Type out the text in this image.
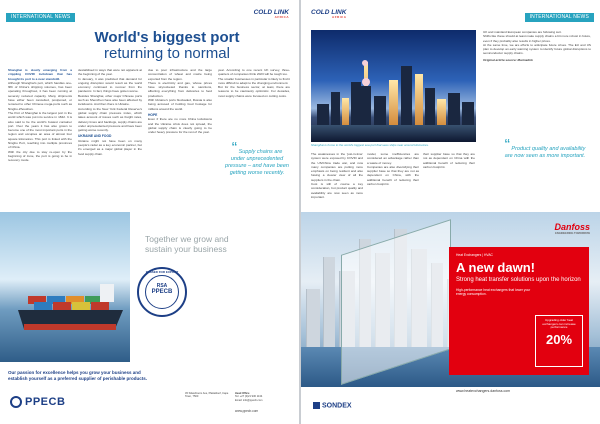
INTERNATIONAL NEWS
COLD LINK
AFRICA
World's biggest port
returning to normal

Shanghai is slowly emerging from a crippling COVID lockdown that has brought its port to a near standstill.

Although Shanghai's port, which handles one-fifth of China's shipping volumes, has been operating throughout, it has been running at severely reduced capacity. Many shipments have either been cancelled, postponed, or rerouted to other Chinese mega-ports such as Ningbo-Zhoushan.

The Port of Shanghai is the largest port in the world which was put into service in 1842. It is also said to be the world's busiest container port. Over the years it has also grown to become one of the most important ports in the region and occupies an area of almost four square kilometres. This port is linked with the Ningbo Port, reaching into multiple provinces of China.

With the city due to stay re-open by the beginning of June, the port is going to be in recovery mode.

destabilised in ways that were not apparent at the beginning of the year.

In January, it was predicted that demand for ongoing disruption would result as the world economy continued to recover from the pandemic. In fact, things have gotten worse.

Besides Shanghai, other major Chinese ports such as Shenzhen have also been affected by lockdowns. And then there is Ukraine.

According to the New York Federal Reserve's global supply chain pressure index, which takes account of issues such as freight rates, delivery times and backlogs, supply chains are under unprecedented pressure and have been getting worse recently.

UKRAINE AND FOOD

Ukraine might not have been on many people's radar as a key economic partner, but it's emerged as a major global player in the food supply chain.

due to poor infrastructure and the large concentration of wheat and maize being exported from the region.

There is electricity and gas, whose prices have skyrocketed thanks to sanctions, affecting everything from deliveries to food production.

With Ukraine's ports blockaded, Russia is also being accused of holding food hostage for millions around the world.

HOPE

Even if there are no more China lockdowns and the Ukraine crisis does not spread, the global supply chain is clearly going to be under heavy pressure for the rest of the year.

year. According to one recent UK survey, three-quarters of companies think 2023 will be tough too.

The smaller businesses in particular is likely to find it more difficult to adapt to the changing environment.

But for the business sector, at least, there are reasons to be cautiously optimistic. For decades, most supply chains were focused on cutting costs.

“ Supply chains are under unprecedented pressure – and have been getting worse recently.
COLD LINK
AFRICA	INTERNATIONAL NEWS
Shanghai is home to the world's biggest sea port that sees ships near around kilometres.

The weaknesses in the 'just-in-time' system were exposed by COVID and the US/China trade war, and now many companies are putting more emphasis on being resilient and also having a clearer view of all the suppliers in the chain.

Cost is still of course a key consideration, but product quality and availability are now seen as more important.

model, some inefficiencies are considered an advantage rather than a waste of money.

Companies are also diversifying their supplier base so that they are not as dependent on China, with the additional benefit of reducing their carbon footprint.

their supplier base so that they are not as dependent on China with the additional benefit of reducing their carbon footprint.

UK and mainland European companies are following suit.

Shifts like these should at least make supply chains a bit more robust in future, even if they probably also results in higher prices.

At the same time, we are efforts to anticipate future crises. The EU and US plan to develop an early warning system to identify future global disruptions to semiconductor supply chains.

Original article source: Marinelink

“ Product quality and availability are now seen as more important.
Together we grow and sustain your business
PASSED FOR EXPORT
RSA
PPECB
Our passion for excellence helps you grow your business and establish yourself as a preferred supplier of perishable products.
PPECB
45 Silwerboom Ave, Plattekloof, Cape Town, 7500
Head Office
Tel: +27 (0)21 930 1134
Email: info@ppecb.com
www.ppecb.com
Danfoss
ENGINEERING TOMORROW
Heat Exchangers | HVAC
A new dawn!
Strong heat transfer solutions upon the horizon
High-performance heat exchangers that lower your energy consumption.
Upgrading older heat exchangers can increase performance
20%
www.heatexchangers.danfoss.com
SONDEX
